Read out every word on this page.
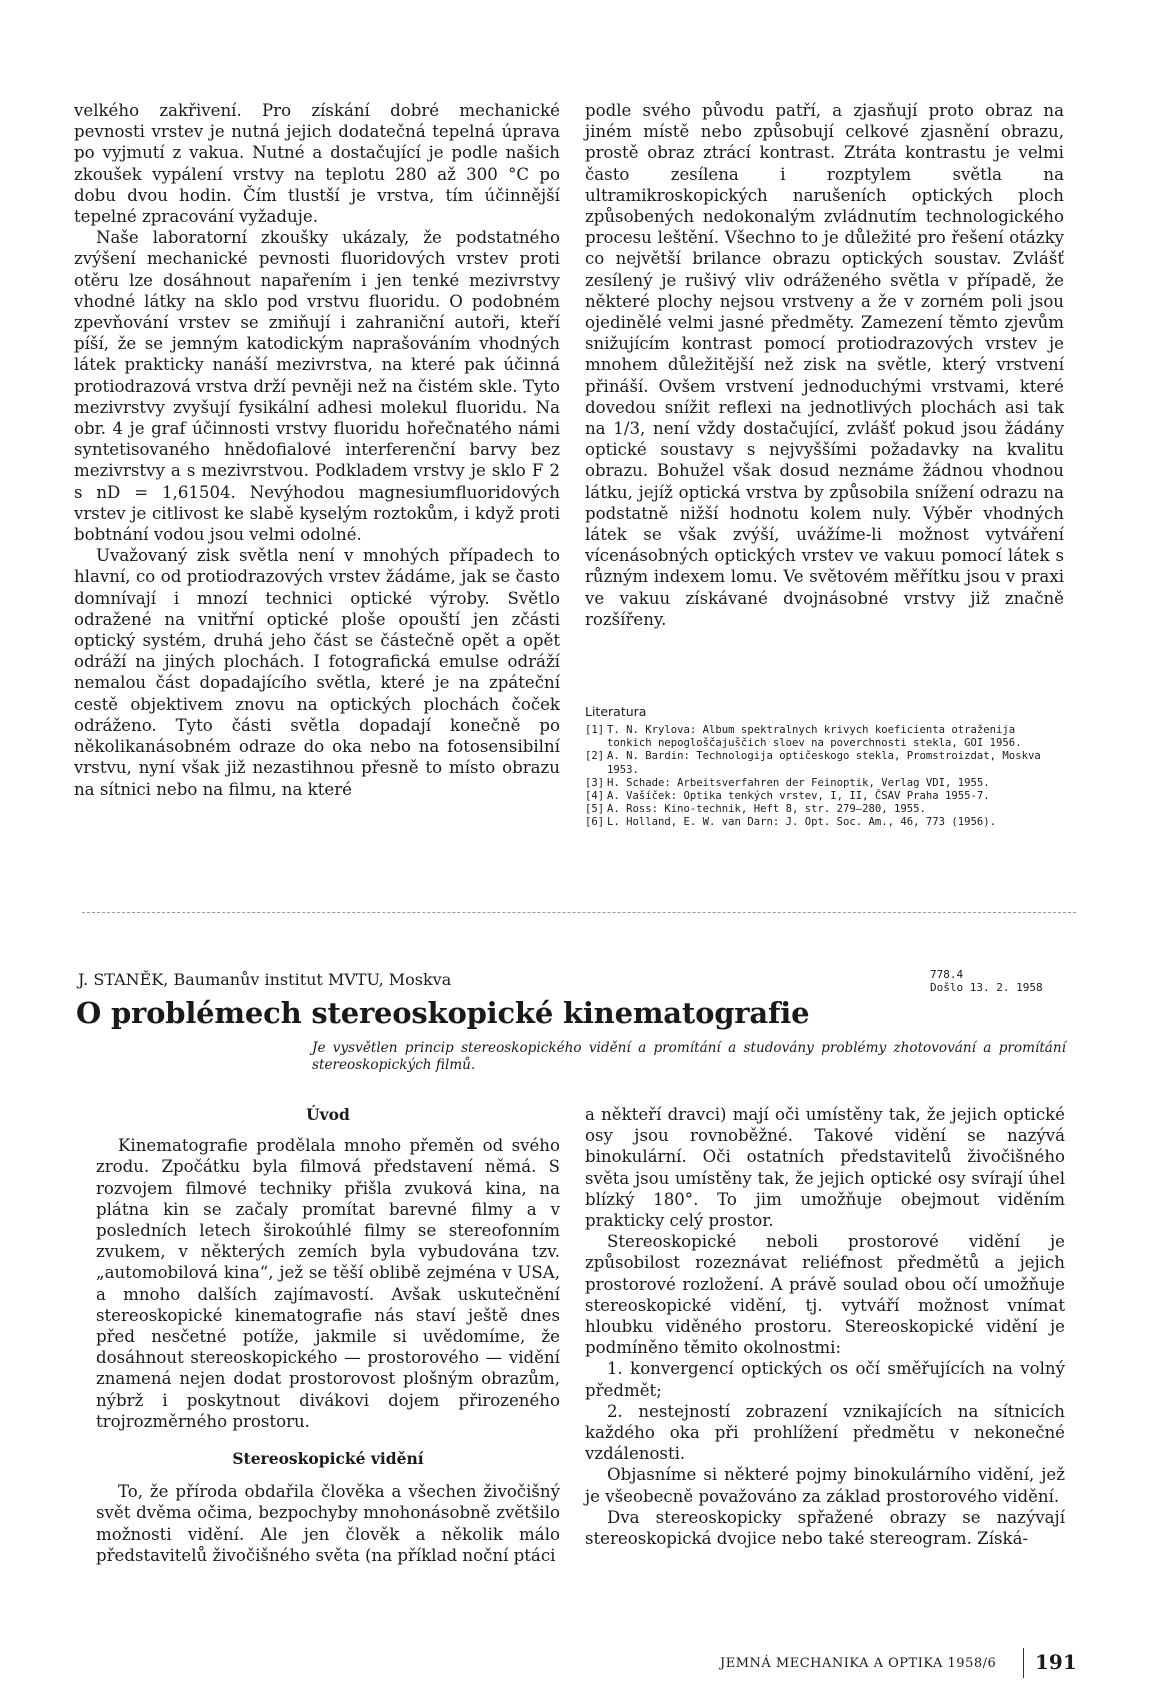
velkého zakřivení. Pro získání dobré mechanické pevnosti vrstev je nutná jejich dodatečná tepelná úprava po vyjmutí z vakua. Nutné a dostačující je podle našich zkoušek vypálení vrstvy na teplotu 280 až 300 °C po dobu dvou hodin. Čím tlustší je vrstva, tím účinnější tepelné zpracování vyžaduje.

Naše laboratorní zkoušky ukázaly, že podstatného zvýšení mechanické pevnosti fluoridových vrstev proti otěru lze dosáhnout napařením i jen tenké mezivrstvy vhodné látky na sklo pod vrstvu fluoridu. O podobném zpevňování vrstev se zmiňují i zahraniční autoři, kteří píší, že se jemným katodickým naprašováním vhodných látek prakticky nanáší mezivrstva, na které pak účinná protiodrazová vrstva drží pevněji než na čistém skle. Tyto mezivrstvy zvyšují fysikální adhesi molekul fluoridu. Na obr. 4 je graf účinnosti vrstvy fluoridu hořečnatého námi syntetisovaného hnědofialové interferenční barvy bez mezivrstvy a s mezivrstvou. Podkladem vrstvy je sklo F 2 s nD = 1,61504. Nevýhodou magnesiumfluoridových vrstev je citlivost ke slabě kyselým roztokům, i když proti bobtnání vodou jsou velmi odolné.

Uvažovaný zisk světla není v mnohých případech to hlavní, co od protiodrazových vrstev žádáme, jak se často domnívají i mnozí technici optické výroby. Světlo odražené na vnitřní optické ploše opouští jen zčásti optický systém, druhá jeho část se částečně opět a opět odráží na jiných plochách. I fotografická emulse odráží nemalou část dopadajícího světla, které je na zpáteční cestě objektivem znovu na optických plochách čoček odráženo. Tyto části světla dopadají konečně po několikanásobném odraze do oka nebo na fotosensibilní vrstvu, nyní však již nezastihnou přesně to místo obrazu na sítnici nebo na filmu, na které

podle svého původu patří, a zjasňují proto obraz na jiném místě nebo způsobují celkové zjasnění obrazu, prostě obraz ztrácí kontrast. Ztráta kontrastu je velmi často zesílena i rozptylem světla na ultramikroskopických narušeních optických ploch způsobených nedokonalým zvládnutím technologického procesu leštění. Všechno to je důležité pro řešení otázky co největší brilance obrazu optických soustav. Zvlášť zesílený je rušivý vliv odráženého světla v případě, že některé plochy nejsou vrstveny a že v zorném poli jsou ojedinělé velmi jasné předměty. Zamezení těmto zjevům snižujícím kontrast pomocí protiodrazových vrstev je mnohem důležitější než zisk na světle, který vrstvení přináší. Ovšem vrstvení jednoduchými vrstvami, které dovedou snížit reflexi na jednotlivých plochách asi tak na 1/3, není vždy dostačující, zvlášť pokud jsou žádány optické soustavy s nejvyššími požadavky na kvalitu obrazu. Bohužel však dosud neznáme žádnou vhodnou látku, jejíž optická vrstva by způsobila snížení odrazu na podstatně nižší hodnotu kolem nuly. Výběr vhodných látek se však zvýší, uvážíme-li možnost vytváření vícenásobných optických vrstev ve vakuu pomocí látek s různým indexem lomu. Ve světovém měřítku jsou v praxi ve vakuu získávané dvojnásobné vrstvy již značně rozšířeny.

Literatura
[1] T. N. Krylova: Album spektralnych krivych koeficienta otraženija tonkich nepogloščajuščich sloev na poverchnosti stekla, GOI 1956.
[2] A. N. Bardin: Technologija optičeskogo stekla, Promstroizdat, Moskva 1953.
[3] H. Schade: Arbeitsverfahren der Feinoptik, Verlag VDI, 1955.
[4] A. Vašíček: Optika tenkých vrstev, I, II, ČSAV Praha 1955-7.
[5] A. Ross: Kino-technik, Heft 8, str. 279—280, 1955.
[6] L. Holland, E. W. van Darn: J. Opt. Soc. Am., 46, 773 (1956).
J. STANĚK, Baumanův institut MVTU, Moskva	778.4
Došlo 13. 2. 1958
O problémech stereoskopické kinematografie
Je vysvětlen princip stereoskopického vidění a promítání a studovány problémy zhotovování a promítání stereoskopických filmů.

Úvod

Kinematografie prodělala mnoho přeměn od svého zrodu. Zpočátku byla filmová představení němá. S rozvojem filmové techniky přišla zvuková kina, na plátna kin se začaly promítat barevné filmy a v posledních letech širokoúhlé filmy se stereofonním zvukem, v některých zemích byla vybudována tzv. „automobilová kina“, jež se těší oblibě zejména v USA, a mnoho dalších zajímavostí. Avšak uskutečnění stereoskopické kinematografie nás staví ještě dnes před nesčetné potíže, jakmile si uvědomíme, že dosáhnout stereoskopického — prostorového — vidění znamená nejen dodat prostorovost plošným obrazům, nýbrž i poskytnout divákovi dojem přirozeného trojrozměrného prostoru.

Stereoskopické vidění

To, že příroda obdařila člověka a všechen živočišný svět dvěma očima, bezpochyby mnohonásobně zvětšilo možnosti vidění. Ale jen člověk a několik málo představitelů živočišného světa (na příklad noční ptáci

a někteří dravci) mají oči umístěny tak, že jejich optické osy jsou rovnoběžné. Takové vidění se nazývá binokulární. Oči ostatních představitelů živočišného světa jsou umístěny tak, že jejich optické osy svírají úhel blízký 180°. To jim umožňuje obejmout viděním prakticky celý prostor.

Stereoskopické neboli prostorové vidění je způsobilost rozeznávat reliéfnost předmětů a jejich prostorové rozložení. A právě soulad obou očí umožňuje stereoskopické vidění, tj. vytváří možnost vnímat hloubku viděného prostoru. Stereoskopické vidění je podmíněno těmito okolnostmi:

1. konvergencí optických os očí směřujících na volný předmět;

2. nestejností zobrazení vznikajících na sítnicích každého oka při prohlížení předmětu v nekonečné vzdálenosti.

Objasníme si některé pojmy binokulárního vidění, jež je všeobecně považováno za základ prostorového vidění.

Dva stereoskopicky spřažené obrazy se nazývají stereoskopická dvojice nebo také stereogram. Získá-

JEMNÁ MECHANIKA A OPTIKA 1958/6 191
